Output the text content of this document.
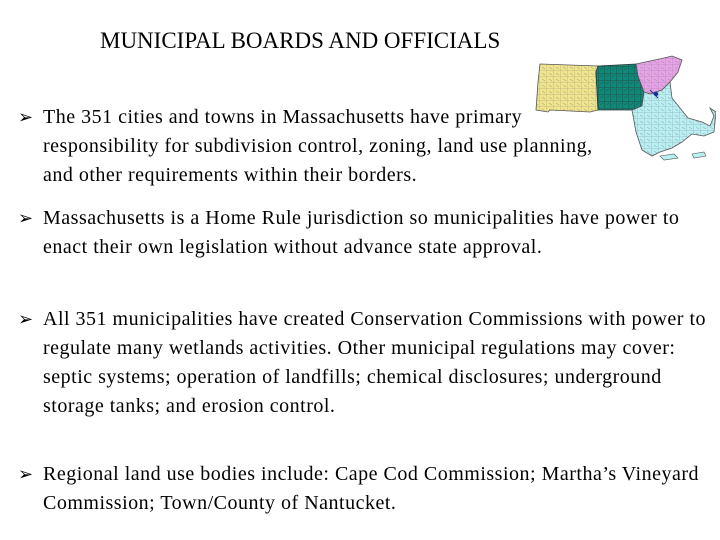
MUNICIPAL BOARDS AND OFFICIALS
➢ The 351 cities and towns in Massachusetts have primary responsibility for subdivision control, zoning, land use planning, and other requirements within their borders.
➢ Massachusetts is a Home Rule jurisdiction so municipalities have power to enact their own legislation without advance state approval.
➢ All 351 municipalities have created Conservation Commissions with power to regulate many wetlands activities. Other municipal regulations may cover: septic systems; operation of landfills; chemical disclosures; underground storage tanks; and erosion control.
➢ Regional land use bodies include: Cape Cod Commission; Martha’s Vineyard Commission; Town/County of Nantucket.
